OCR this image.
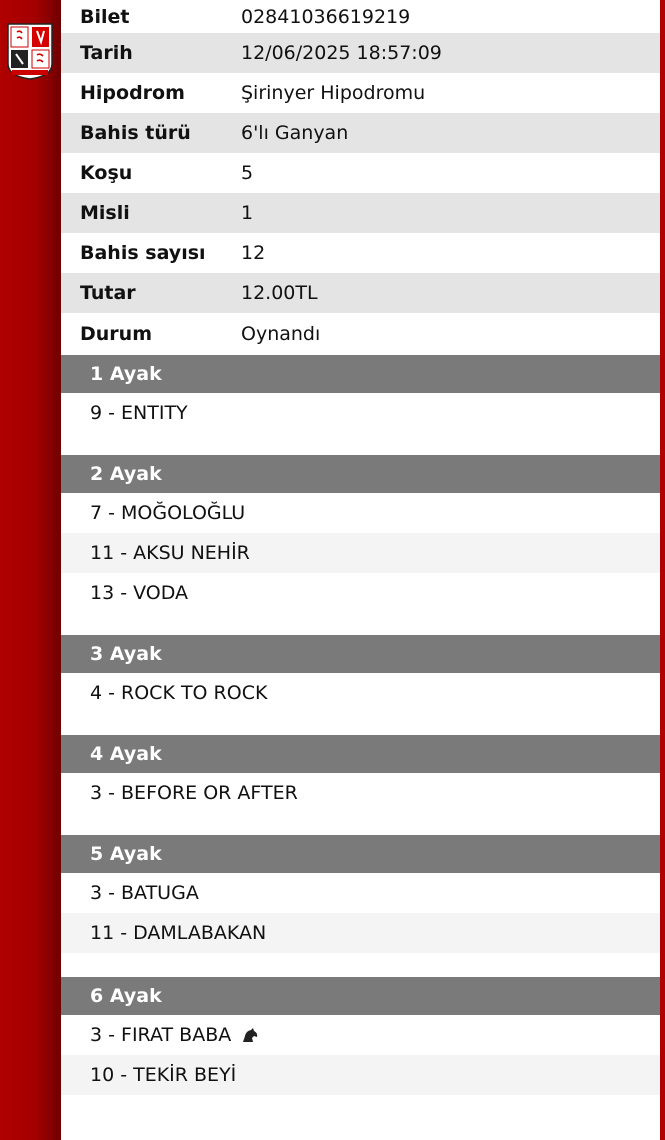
Bilet	02841036619219
Tarih	12/06/2025 18:57:09
Hipodrom	Şirinyer Hipodromu
Bahis türü	6'lı Ganyan
Koşu	5
Misli	1
Bahis sayısı	12
Tutar	12.00TL
Durum	Oynandı
1 Ayak
9 - ENTITY
2 Ayak
7 - MOĞOLOĞLU
11 - AKSU NEHİR
13 - VODA
3 Ayak
4 - ROCK TO ROCK
4 Ayak
3 - BEFORE OR AFTER
5 Ayak
3 - BATUGA
11 - DAMLABAKAN
6 Ayak
3 - FIRAT BABA
10 - TEKİR BEYİ
